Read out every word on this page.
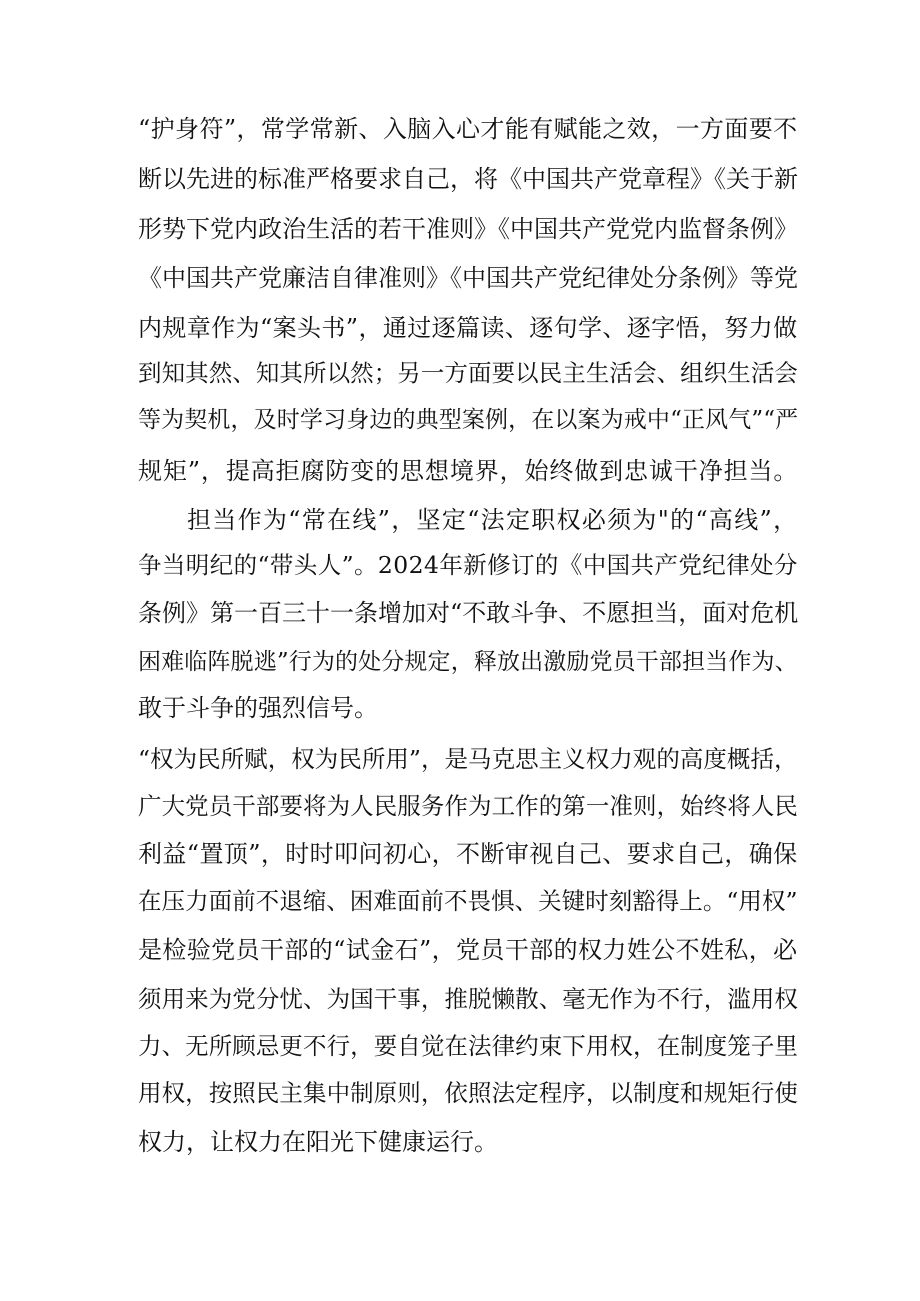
“护身符”，常学常新、入脑入心才能有赋能之效，一方面要不
断以先进的标准严格要求自己，将《中国共产党章程》《关于新
形势下党内政治生活的若干准则》《中国共产党党内监督条例》
《中国共产党廉洁自律准则》《中国共产党纪律处分条例》等党
内规章作为“案头书”，通过逐篇读、逐句学、逐字悟，努力做
到知其然、知其所以然；另一方面要以民主生活会、组织生活会
等为契机，及时学习身边的典型案例，在以案为戒中“正风气”“严
规矩”，提高拒腐防变的思想境界，始终做到忠诚干净担当。
担当作为“常在线”，坚定“法定职权必须为"的“高线”，
争当明纪的“带头人”。2024年新修订的《中国共产党纪律处分
条例》第一百三十一条增加对“不敢斗争、不愿担当，面对危机
困难临阵脱逃”行为的处分规定，释放出激励党员干部担当作为、
敢于斗争的强烈信号。
“权为民所赋，权为民所用”，是马克思主义权力观的高度概括，
广大党员干部要将为人民服务作为工作的第一准则，始终将人民
利益“置顶”，时时叩问初心，不断审视自己、要求自己，确保
在压力面前不退缩、困难面前不畏惧、关键时刻豁得上。“用权”
是检验党员干部的“试金石”，党员干部的权力姓公不姓私，必
须用来为党分忧、为国干事，推脱懒散、毫无作为不行，滥用权
力、无所顾忌更不行，要自觉在法律约束下用权，在制度笼子里
用权，按照民主集中制原则，依照法定程序，以制度和规矩行使
权力，让权力在阳光下健康运行。
